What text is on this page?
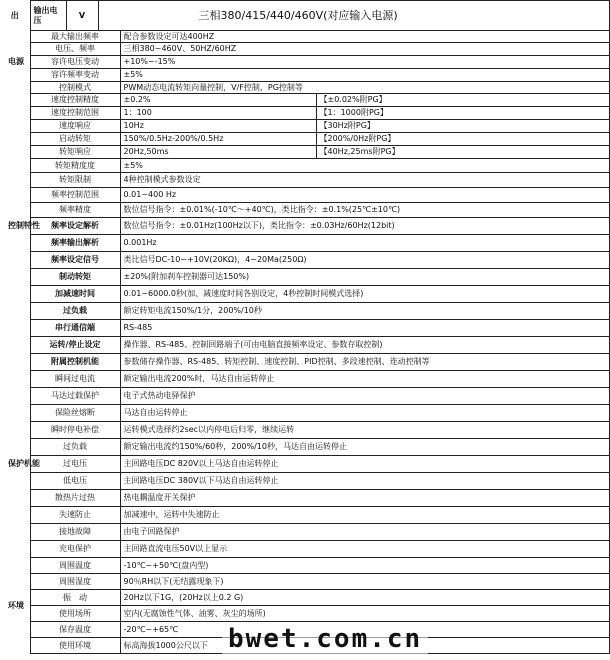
出	输出电压	V	三相380/415/440/460V(对应输入电源)		
	最大输出频率			配合参数设定可达400HZ	
电源	电压、频率			三相380~460V、50HZ/60HZ	
	容许电压变动			+10%~-15%	
	容许频率变动			±5%	
控制特性	控制模式			PWM动态电流转矩向量控制，V/F控制，PG控制等	
	速度控制精度			±0.2%	【±0.02%附PG】
	速度控制范围			1：100	【1：1000附PG】
	速度响应			10Hz	【30Hz附PG】
	启动转矩			150%/0.5Hz-200%/0.5Hz	【200%/0Hz附PG】
	转矩响应			20Hz,50ms	【40Hz,25ms附PG】
	转矩精度度			±5%	
	转矩限制			4种控制模式参数设定	
	频率控制范围			0.01~400 Hz	
	频率精度			数位信号指令：±0.01%(-10℃～+40℃)，类比指令：±0.1%(25℃±10℃)	
	频率设定解析			数位信号指令：±0.01Hz(100Hz以下)，类比指令：±0.03Hz/60Hz(12bit)	
	频率输出解析			0.001Hz	
	频率设定信号			类比信号DC-10~+10V(20KΩ)，4~20Ma(250Ω)	
	制动转矩			±20%(附加刹车控制器可达150%)	
	加减速时间			0.01~6000.0秒(加、减速度时间各别设定，4秒控制时间模式选择)	
	过负载			额定转矩电流150%/1分，200%/10秒	
	串行通信端			RS-485	
	运转/停止设定			操作器、RS-485、控制回路端子(可由电脑直接频率设定、参数存取控制)	
	附属控制机能			参数储存操作器、RS-485、转矩控制、速度控制、PID控制、多段速控制、连动控制等	
保护机能	瞬间过电流			额定输出电流200%时，马达自由运转停止	
	马达过载保护			电子式热动电驿保护	
	保险丝熔断			马达自由运转停止	
	瞬时停电补偿			运转模式选择约2sec以内停电后归零，继续运转	
	过负载			额定输出电流约150%/60秒，200%/10秒，马达自由运转停止	
	过电压			主回路电压DC 820V以上马达自由运转停止	
	低电压			主回路电压DC 380V以下马达自由运转停止	
	散热片过热			热电耦温度开关保护	
	失速防止			加减速中，运转中失速防止	
	接地故障			由电子回路保护	
	充电保护			主回路直流电压50V以上显示	
环境	周围温度			-10℃~+50℃(盘内型)	
	周围湿度			90％RH以下(无结露现象下)	
	振　动			20Hz以下1G，(20Hz以上0.2 G)	
	使用场所			室内(无腐蚀性气体、油雾、灰尘的场所)	
	保存温度			-20℃~+65℃	
	使用环境			标高海拔1000公尺以下	bwet.com.cn
